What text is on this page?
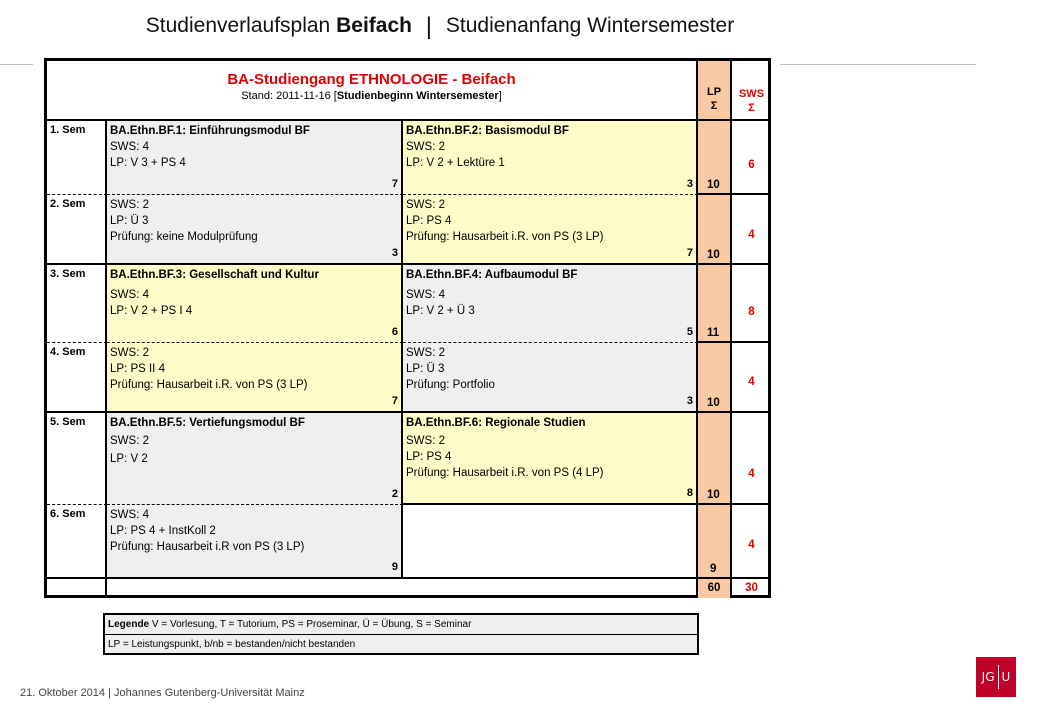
Studienverlaufsplan Beifach | Studienanfang Wintersemester
BA-Studiengang ETHNOLOGIE - Beifach
Stand: 2011-11-16 [Studienbeginn Wintersemester]	LP
Σ
SWS
Σ
1. Sem
2. Sem
3. Sem
4. Sem
5. Sem
6. Sem
BA.Ethn.BF.1: Einführungsmodul BF
SWS: 4
LP: V 3 + PS 4
7
BA.Ethn.BF.2: Basismodul BF
SWS: 2
LP: V 2 + Lektüre 1
3
SWS: 2
LP: Ü 3
Prüfung: keine Modulprüfung
3
SWS: 2
LP: PS 4
Prüfung: Hausarbeit i.R. von PS (3 LP)
7
BA.Ethn.BF.3: Gesellschaft und Kultur
SWS: 4
LP: V 2 + PS I 4
6
BA.Ethn.BF.4: Aufbaumodul BF
SWS: 4
LP: V 2 + Ü 3
5
SWS: 2
LP: PS II 4
Prüfung: Hausarbeit i.R. von PS (3 LP)
7
SWS: 2
LP: Ü 3
Prüfung: Portfolio
3
BA.Ethn.BF.5: Vertiefungsmodul BF
SWS: 2
LP: V 2
2
BA.Ethn.BF.6: Regionale Studien
SWS: 2
LP: PS 4
Prüfung: Hausarbeit i.R. von PS (4 LP)
8
SWS: 4
LP: PS 4 + InstKoll 2
Prüfung: Hausarbeit i.R von PS (3 LP)
9
10
10
11
10
10
9
6
4
8
4
4
4
60	30
Legende V = Vorlesung, T = Tutorium, PS = Proseminar, Ü = Übung, S = Seminar
LP = Leistungspunkt, b/nb = bestanden/nicht bestanden
21. Oktober 2014 | Johannes Gutenberg-Universität Mainz
JG U
